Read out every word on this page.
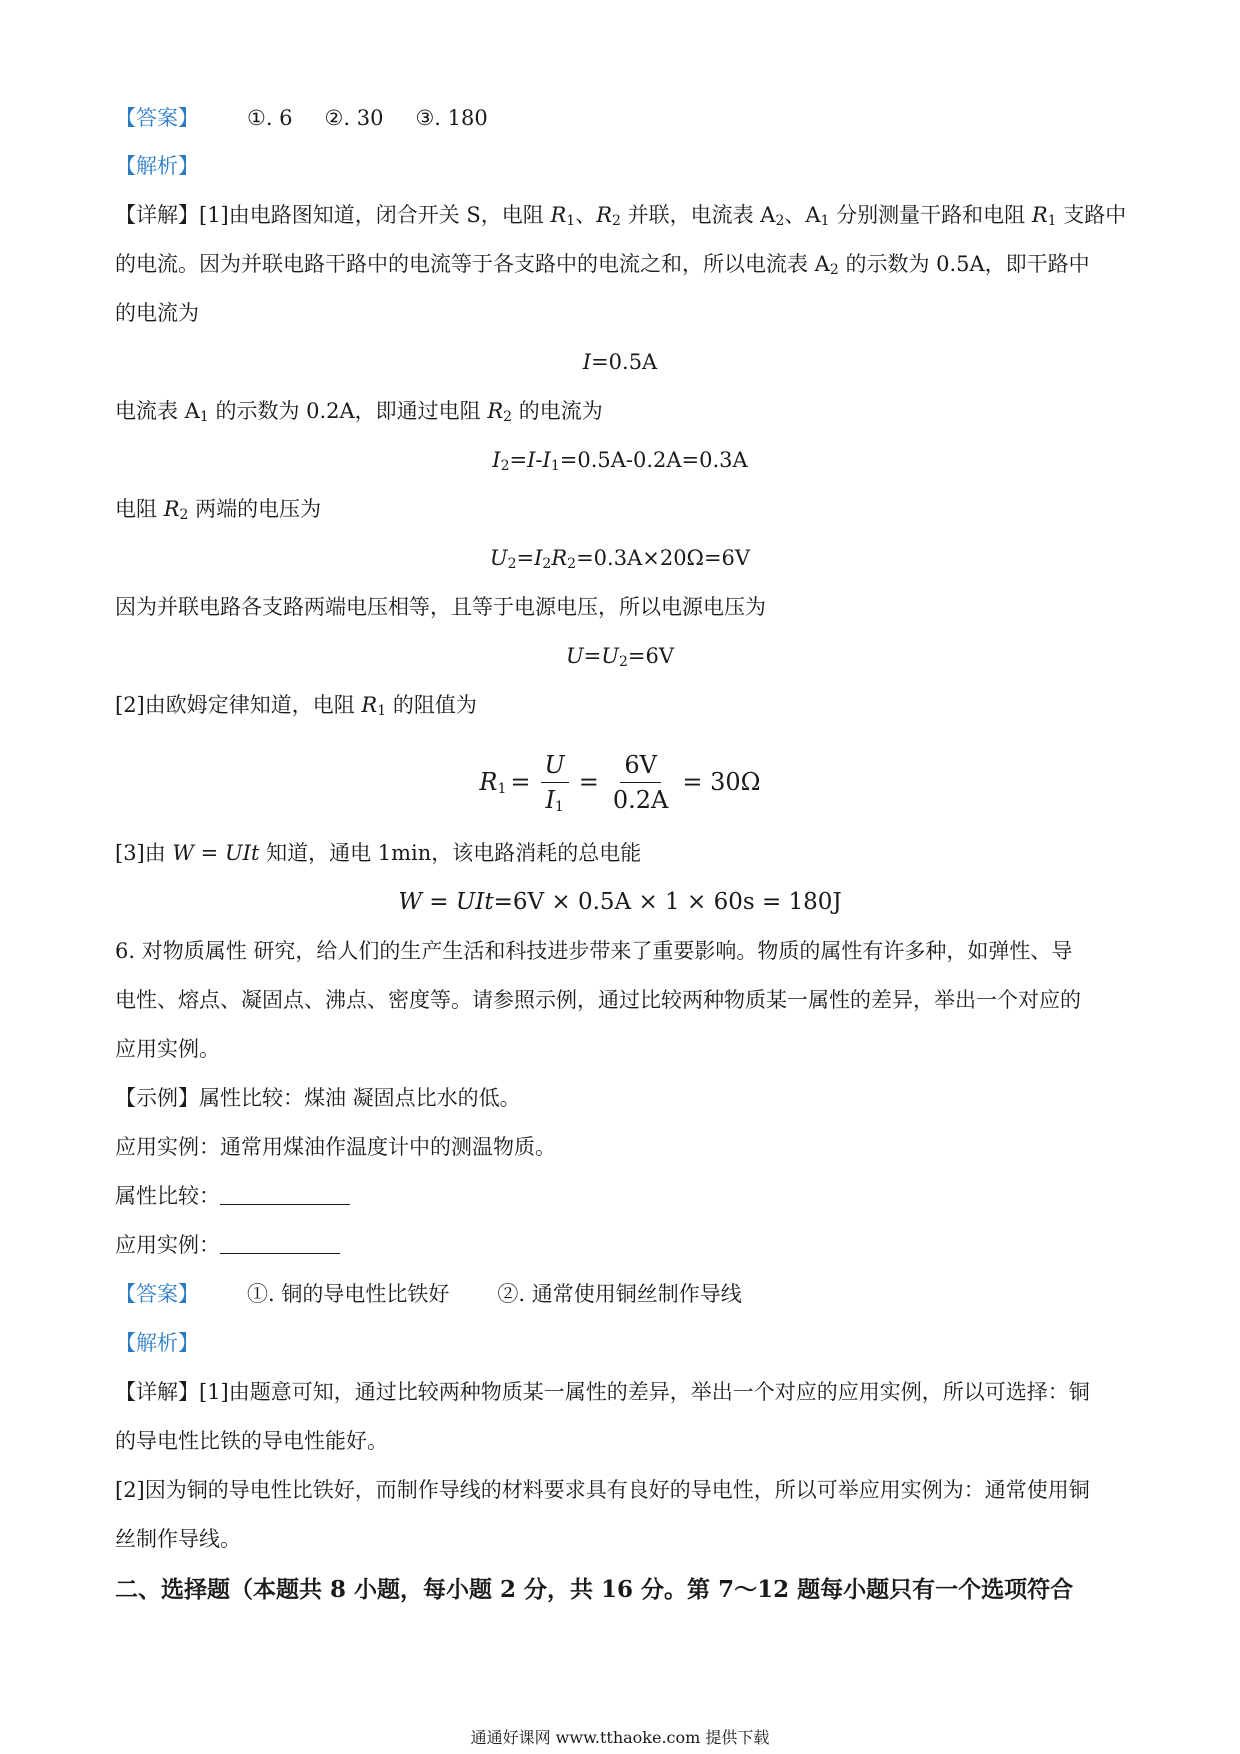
【答案】 ①. 6 ②. 30 ③. 180
【解析】
【详解】[1]由电路图知道，闭合开关 S，电阻 $R_1$、$R_2$ 并联，电流表 $A_2$、$A_1$ 分别测量干路和电阻 $R_1$ 支路中
的电流。因为并联电路干路中的电流等于各支路中的电流之和，所以电流表 $A_2$ 的示数为 0.5A，即干路中
的电流为
I=0.5A
电流表 $A_1$ 的示数为 0.2A，即通过电阻 $R_2$ 的电流为
$I_2=I-I_1=0.5A-0.2A=0.3A$
电阻 $R_2$ 两端的电压为
$U_2=I_2R_2=0.3A\times 20\Omega=6V$
因为并联电路各支路两端电压相等，且等于电源电压，所以电源电压为
$U=U_2=6V$
[2]由欧姆定律知道，电阻 $R_1$ 的阻值为
$R_1 = \frac{U}{I_1} = \frac{6V}{0.2A} = 30\Omega$
[3]由 W = UIt 知道，通电 1min，该电路消耗的总电能
W = UIt=6V × 0.5A × 1 × 60s = 180J
6. 对物质属性 研究，给人们的生产生活和科技进步带来了重要影响。物质的属性有许多种，如弹性、导
电性、熔点、凝固点、沸点、密度等。请参照示例，通过比较两种物质某一属性的差异，举出一个对应的
应用实例。
【示例】属性比较：煤油 凝固点比水的低。
应用实例：通常用煤油作温度计中的测温物质。
属性比较：
应用实例：
【答案】 ①. 铜的导电性比铁好 ②. 通常使用铜丝制作导线
【解析】
【详解】[1]由题意可知，通过比较两种物质某一属性的差异，举出一个对应的应用实例，所以可选择：铜
的导电性比铁的导电性能好。
[2]因为铜的导电性比铁好，而制作导线的材料要求具有良好的导电性，所以可举应用实例为：通常使用铜
丝制作导线。
二、选择题（本题共 8 小题，每小题 2 分，共 16 分。第 7～12 题每小题只有一个选项符合
通通好课网 www.tthaoke.com 提供下载
